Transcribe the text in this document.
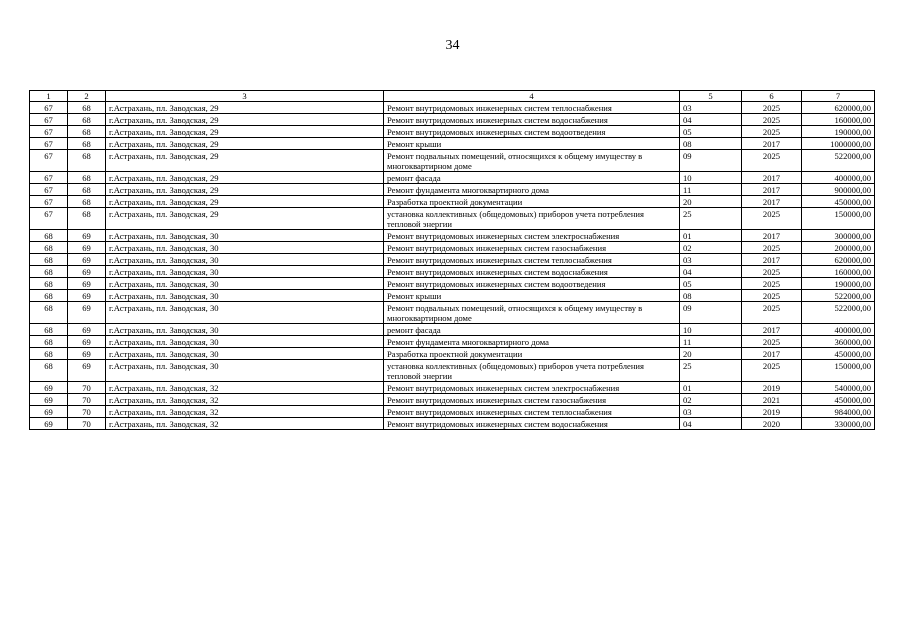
34
1	2	3	4	5	6	7
67	68	г.Астрахань, пл. Заводская, 29	Ремонт внутридомовых инженерных систем теплоснабжения	03	2025	620000,00
67	68	г.Астрахань, пл. Заводская, 29	Ремонт внутридомовых инженерных систем водоснабжения	04	2025	160000,00
67	68	г.Астрахань, пл. Заводская, 29	Ремонт внутридомовых инженерных систем водоотведения	05	2025	190000,00
67	68	г.Астрахань, пл. Заводская, 29	Ремонт крыши	08	2017	1000000,00
67	68	г.Астрахань, пл. Заводская, 29	Ремонт подвальных помещений, относящихся к общему имуществу в многоквартирном доме	09	2025	522000,00
67	68	г.Астрахань, пл. Заводская, 29	ремонт фасада	10	2017	400000,00
67	68	г.Астрахань, пл. Заводская, 29	Ремонт фундамента многоквартирного дома	11	2017	900000,00
67	68	г.Астрахань, пл. Заводская, 29	Разработка проектной документации	20	2017	450000,00
67	68	г.Астрахань, пл. Заводская, 29	установка коллективных (общедомовых) приборов учета потребления тепловой энергии	25	2025	150000,00
68	69	г.Астрахань, пл. Заводская, 30	Ремонт внутридомовых инженерных систем электроснабжения	01	2017	300000,00
68	69	г.Астрахань, пл. Заводская, 30	Ремонт внутридомовых инженерных систем газоснабжения	02	2025	200000,00
68	69	г.Астрахань, пл. Заводская, 30	Ремонт внутридомовых инженерных систем теплоснабжения	03	2017	620000,00
68	69	г.Астрахань, пл. Заводская, 30	Ремонт внутридомовых инженерных систем водоснабжения	04	2025	160000,00
68	69	г.Астрахань, пл. Заводская, 30	Ремонт внутридомовых инженерных систем водоотведения	05	2025	190000,00
68	69	г.Астрахань, пл. Заводская, 30	Ремонт крыши	08	2025	522000,00
68	69	г.Астрахань, пл. Заводская, 30	Ремонт подвальных помещений, относящихся к общему имуществу в многоквартирном доме	09	2025	522000,00
68	69	г.Астрахань, пл. Заводская, 30	ремонт фасада	10	2017	400000,00
68	69	г.Астрахань, пл. Заводская, 30	Ремонт фундамента многоквартирного дома	11	2025	360000,00
68	69	г.Астрахань, пл. Заводская, 30	Разработка проектной документации	20	2017	450000,00
68	69	г.Астрахань, пл. Заводская, 30	установка коллективных (общедомовых) приборов учета потребления тепловой энергии	25	2025	150000,00
69	70	г.Астрахань, пл. Заводская, 32	Ремонт внутридомовых инженерных систем электроснабжения	01	2019	540000,00
69	70	г.Астрахань, пл. Заводская, 32	Ремонт внутридомовых инженерных систем газоснабжения	02	2021	450000,00
69	70	г.Астрахань, пл. Заводская, 32	Ремонт внутридомовых инженерных систем теплоснабжения	03	2019	984000,00
69	70	г.Астрахань, пл. Заводская, 32	Ремонт внутридомовых инженерных систем водоснабжения	04	2020	330000,00
